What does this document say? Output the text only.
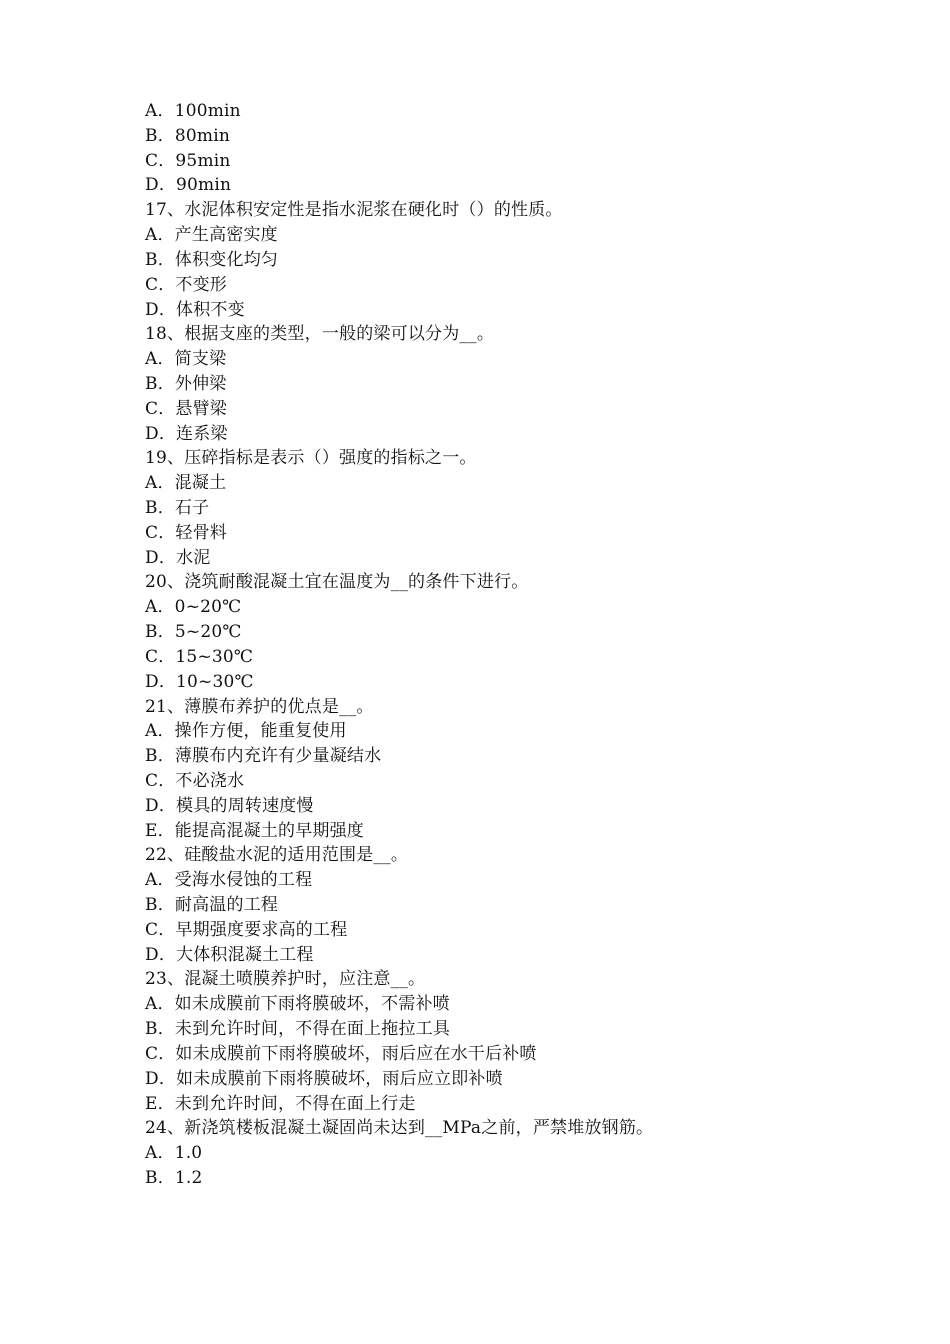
A．100min
B．80min
C．95min
D．90min
17、水泥体积安定性是指水泥浆在硬化时（）的性质。
A．产生高密实度
B．体积变化均匀
C．不变形
D．体积不变
18、根据支座的类型，一般的梁可以分为__。
A．简支梁
B．外伸梁
C．悬臂梁
D．连系梁
19、压碎指标是表示（）强度的指标之一。
A．混凝土
B．石子
C．轻骨料
D．水泥
20、浇筑耐酸混凝土宜在温度为__的条件下进行。
A．0~20℃
B．5~20℃
C．15~30℃
D．10~30℃
21、薄膜布养护的优点是__。
A．操作方便，能重复使用
B．薄膜布内充许有少量凝结水
C．不必浇水
D．模具的周转速度慢
E．能提高混凝土的早期强度
22、硅酸盐水泥的适用范围是__。
A．受海水侵蚀的工程
B．耐高温的工程
C．早期强度要求高的工程
D．大体积混凝土工程
23、混凝土喷膜养护时，应注意__。
A．如未成膜前下雨将膜破坏，不需补喷
B．未到允许时间，不得在面上拖拉工具
C．如未成膜前下雨将膜破坏，雨后应在水干后补喷
D．如未成膜前下雨将膜破坏，雨后应立即补喷
E．未到允许时间，不得在面上行走
24、新浇筑楼板混凝土凝固尚未达到__MPa之前，严禁堆放钢筋。
A．1.0
B．1.2
